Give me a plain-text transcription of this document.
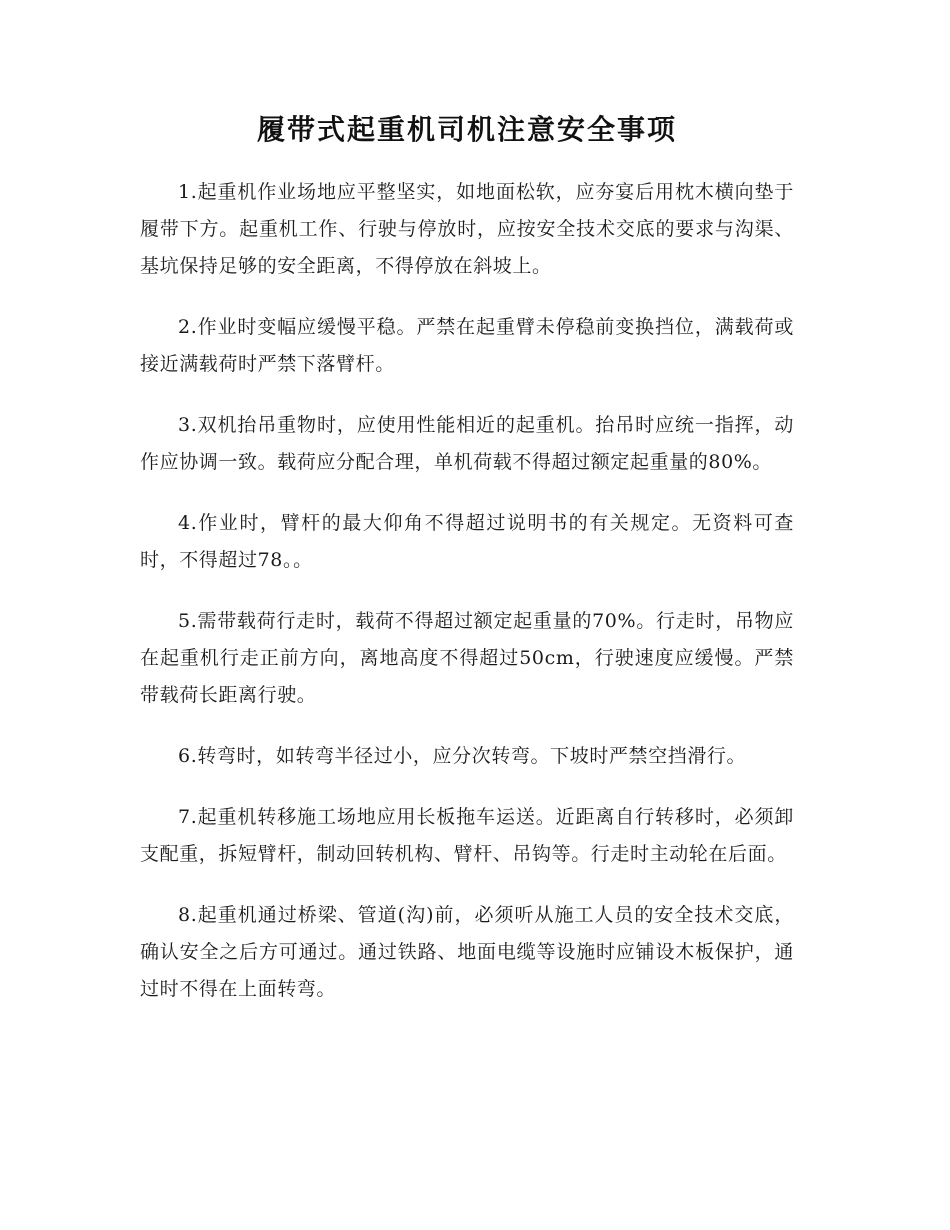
履带式起重机司机注意安全事项

1.起重机作业场地应平整坚实，如地面松软，应夯宴后用枕木横向垫于履带下方。起重机工作、行驶与停放时，应按安全技术交底的要求与沟渠、基坑保持足够的安全距离，不得停放在斜坡上。

2.作业时变幅应缓慢平稳。严禁在起重臂未停稳前变换挡位，满载荷或接近满载荷时严禁下落臂杆。

3.双机抬吊重物时，应使用性能相近的起重机。抬吊时应统一指挥，动作应协调一致。载荷应分配合理，单机荷载不得超过额定起重量的80%。

4.作业时，臂杆的最大仰角不得超过说明书的有关规定。无资料可查时，不得超过78。。

5.需带载荷行走时，载荷不得超过额定起重量的70%。行走时，吊物应在起重机行走正前方向，离地高度不得超过50cm，行驶速度应缓慢。严禁带载荷长距离行驶。

6.转弯时，如转弯半径过小，应分次转弯。下坡时严禁空挡滑行。

7.起重机转移施工场地应用长板拖车运送。近距离自行转移时，必须卸支配重，拆短臂杆，制动回转机构、臂杆、吊钩等。行走时主动轮在后面。

8.起重机通过桥梁、管道(沟)前，必须听从施工人员的安全技术交底，确认安全之后方可通过。通过铁路、地面电缆等设施时应铺设木板保护，通过时不得在上面转弯。
